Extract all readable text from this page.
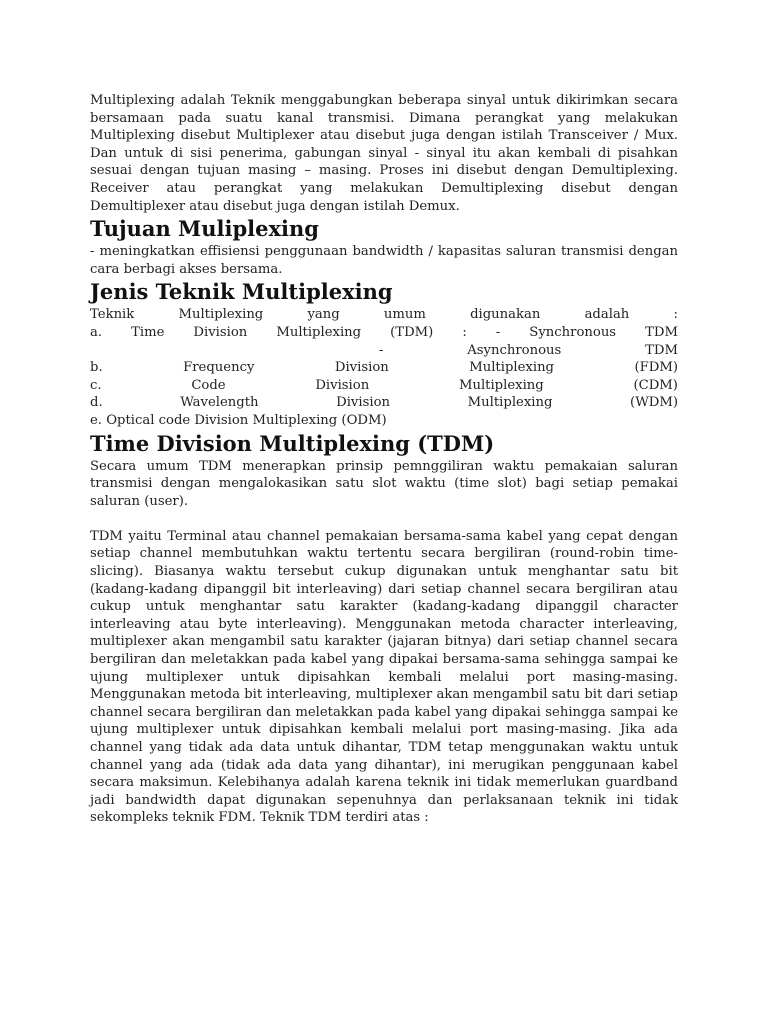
Multiplexing adalah Teknik menggabungkan beberapa sinyal untuk dikirimkan secara bersamaan pada suatu kanal transmisi. Dimana perangkat yang melakukan Multiplexing disebut Multiplexer atau disebut juga dengan istilah Transceiver / Mux. Dan untuk di sisi penerima, gabungan sinyal - sinyal itu akan kembali di pisahkan sesuai dengan tujuan masing – masing. Proses ini disebut dengan Demultiplexing. Receiver atau perangkat yang melakukan Demultiplexing disebut dengan Demultiplexer atau disebut juga dengan istilah Demux.

Tujuan Muliplexing

- meningkatkan effisiensi penggunaan bandwidth / kapasitas saluran transmisi dengan cara berbagi akses bersama.

Jenis Teknik Multiplexing
Teknik	Multiplexing	yang	umum	digunakan	adalah	:
a. Time Division Multiplexing (TDM) : - Synchronous TDM
-	Asynchronous	TDM
b.	Frequency	Division	Multiplexing	(FDM)
c.	Code	Division	Multiplexing	(CDM)
d.	Wavelength	Division	Multiplexing	(WDM)
e. Optical code Division Multiplexing (ODM)
Time Division Multiplexing (TDM)

Secara umum TDM menerapkan prinsip pemnggiliran waktu pemakaian saluran transmisi dengan mengalokasikan satu slot waktu (time slot) bagi setiap pemakai saluran (user).

TDM yaitu Terminal atau channel pemakaian bersama-sama kabel yang cepat dengan setiap channel membutuhkan waktu tertentu secara bergiliran (round-robin time-slicing). Biasanya waktu tersebut cukup digunakan untuk menghantar satu bit (kadang-kadang dipanggil bit interleaving) dari setiap channel secara bergiliran atau cukup untuk menghantar satu karakter (kadang-kadang dipanggil character interleaving atau byte interleaving). Menggunakan metoda character interleaving, multiplexer akan mengambil satu karakter (jajaran bitnya) dari setiap channel secara bergiliran dan meletakkan pada kabel yang dipakai bersama-sama sehingga sampai ke ujung multiplexer untuk dipisahkan kembali melalui port masing-masing. Menggunakan metoda bit interleaving, multiplexer akan mengambil satu bit dari setiap channel secara bergiliran dan meletakkan pada kabel yang dipakai sehingga sampai ke ujung multiplexer untuk dipisahkan kembali melalui port masing-masing. Jika ada channel yang tidak ada data untuk dihantar, TDM tetap menggunakan waktu untuk channel yang ada (tidak ada data yang dihantar), ini merugikan penggunaan kabel secara maksimun. Kelebihanya adalah karena teknik ini tidak memerlukan guardband jadi bandwidth dapat digunakan sepenuhnya dan perlaksanaan teknik ini tidak sekompleks teknik FDM. Teknik TDM terdiri atas :
